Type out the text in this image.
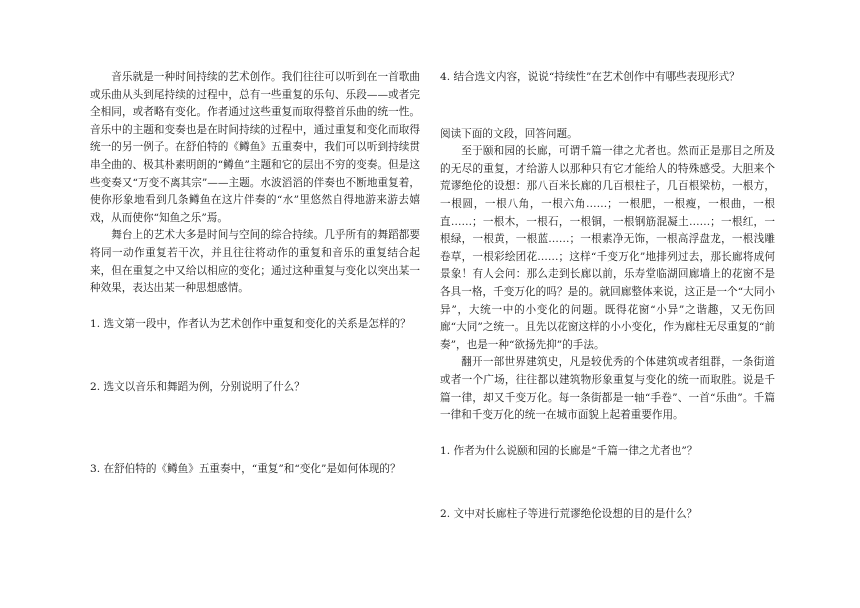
音乐就是一种时间持续的艺术创作。我们往往可以听到在一首歌曲或乐曲从头到尾持续的过程中，总有一些重复的乐句、乐段——或者完全相同，或者略有变化。作者通过这些重复而取得整首乐曲的统一性。音乐中的主题和变奏也是在时间持续的过程中，通过重复和变化而取得统一的另一例子。在舒伯特的《鳟鱼》五重奏中，我们可以听到持续贯串全曲的、极其朴素明朗的“鳟鱼”主题和它的层出不穷的变奏。但是这些变奏又“万变不离其宗”——主题。水波滔滔的伴奏也不断地重复着，使你形象地看到几条鳟鱼在这片伴奏的“水”里悠然自得地游来游去嬉戏，从而使你“知鱼之乐”焉。

舞台上的艺术大多是时间与空间的综合持续。几乎所有的舞蹈都要将同一动作重复若干次，并且往往将动作的重复和音乐的重复结合起来，但在重复之中又给以相应的变化；通过这种重复与变化以突出某一种效果，表达出某一种思想感情。

1. 选文第一段中，作者认为艺术创作中重复和变化的关系是怎样的？

2. 选文以音乐和舞蹈为例，分别说明了什么？

3. 在舒伯特的《鳟鱼》五重奏中，“重复”和“变化”是如何体现的？

4. 结合选文内容，说说“持续性”在艺术创作中有哪些表现形式？

阅读下面的文段，回答问题。

至于颐和园的长廊，可谓千篇一律之尤者也。然而正是那目之所及的无尽的重复，才给游人以那种只有它才能给人的特殊感受。大胆来个荒谬绝伦的设想：那八百米长廊的几百根柱子，几百根梁枋，一根方，一根圆，一根八角，一根六角……；一根肥，一根瘦，一根曲，一根直……；一根木，一根石，一根铜，一根钢筋混凝土……；一根红，一根绿，一根黄，一根蓝……；一根素净无饰，一根高浮盘龙，一根浅雕卷草，一根彩绘团花……；这样“千变万化”地排列过去，那长廊将成何景象！有人会问：那么走到长廊以前，乐寿堂临湖回廊墙上的花窗不是各具一格，千变万化的吗？是的。就回廊整体来说，这正是一个“大同小异”，大统一中的小变化的问题。既得花窗“小异”之谐趣，又无伤回廊“大同”之统一。且先以花窗这样的小小变化，作为廊柱无尽重复的“前奏”，也是一种“欲扬先抑”的手法。

翻开一部世界建筑史，凡是较优秀的个体建筑或者组群，一条街道或者一个广场，往往都以建筑物形象重复与变化的统一而取胜。说是千篇一律，却又千变万化。每一条街都是一轴“手卷”、一首“乐曲”。千篇一律和千变万化的统一在城市面貌上起着重要作用。

1. 作者为什么说颐和园的长廊是“千篇一律之尤者也”？

2. 文中对长廊柱子等进行荒谬绝伦设想的目的是什么？
